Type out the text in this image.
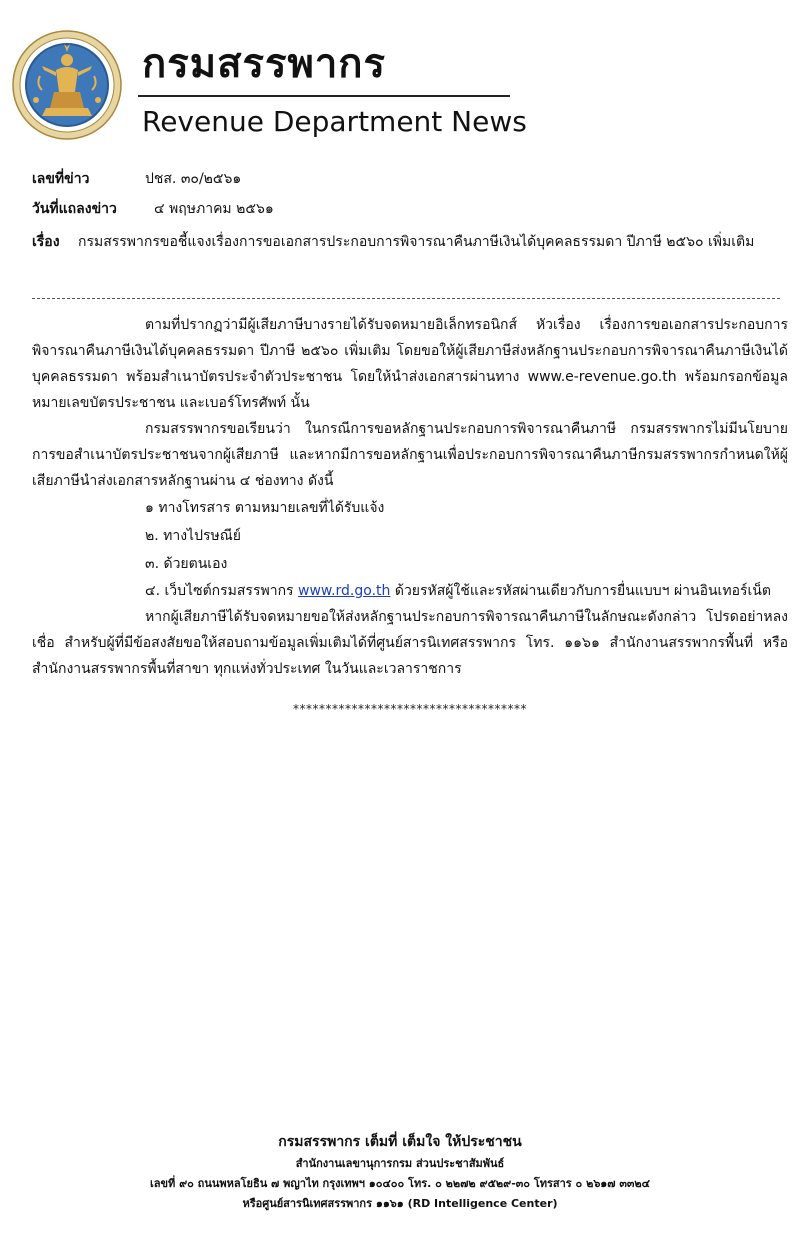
กรมสรรพากร
Revenue Department News
เลขที่ข่าว	ปชส. ๓๐/๒๕๖๑
วันที่แถลงข่าว	๔ พฤษภาคม ๒๕๖๑
เรื่อง	กรมสรรพากรขอชี้แจงเรื่องการขอเอกสารประกอบการพิจารณาคืนภาษีเงินได้บุคคลธรรมดา ปีภาษี ๒๕๖๐ เพิ่มเติม

ตามที่ปรากฏว่ามีผู้เสียภาษีบางรายได้รับจดหมายอิเล็กทรอนิกส์ หัวเรื่อง เรื่องการขอเอกสารประกอบการพิจารณาคืนภาษีเงินได้บุคคลธรรมดา ปีภาษี ๒๕๖๐ เพิ่มเติม โดยขอให้ผู้เสียภาษีส่งหลักฐานประกอบการพิจารณาคืนภาษีเงินได้บุคคลธรรมดา พร้อมสำเนาบัตรประจำตัวประชาชน โดยให้นำส่งเอกสารผ่านทาง www.e-revenue.go.th พร้อมกรอกข้อมูลหมายเลขบัตรประชาชน และเบอร์โทรศัพท์ นั้น

กรมสรรพากรขอเรียนว่า ในกรณีการขอหลักฐานประกอบการพิจารณาคืนภาษี กรมสรรพากรไม่มีนโยบายการขอสำเนาบัตรประชาชนจากผู้เสียภาษี และหากมีการขอหลักฐานเพื่อประกอบการพิจารณาคืนภาษีกรมสรรพากรกำหนดให้ผู้เสียภาษีนำส่งเอกสารหลักฐานผ่าน ๔ ช่องทาง ดังนี้

๑ ทางโทรสาร ตามหมายเลขที่ได้รับแจ้ง

๒. ทางไปรษณีย์

๓. ด้วยตนเอง

๔. เว็บไซต์กรมสรรพากร www.rd.go.th ด้วยรหัสผู้ใช้และรหัสผ่านเดียวกับการยื่นแบบฯ ผ่านอินเทอร์เน็ต

หากผู้เสียภาษีได้รับจดหมายขอให้ส่งหลักฐานประกอบการพิจารณาคืนภาษีในลักษณะดังกล่าว โปรดอย่าหลงเชื่อ สำหรับผู้ที่มีข้อสงสัยขอให้สอบถามข้อมูลเพิ่มเติมได้ที่ศูนย์สารนิเทศสรรพากร โทร. ๑๑๖๑ สำนักงานสรรพากรพื้นที่ หรือสำนักงานสรรพากรพื้นที่สาขา ทุกแห่งทั่วประเทศ ในวันและเวลาราชการ

************************************
กรมสรรพากร เต็มที่ เต็มใจ ให้ประชาชน
สำนักงานเลขานุการกรม ส่วนประชาสัมพันธ์
เลขที่ ๙๐ ถนนพหลโยธิน ๗ พญาไท กรุงเทพฯ ๑๐๔๐๐ โทร. ๐ ๒๒๗๒ ๙๕๒๙-๓๐ โทรสาร ๐ ๒๖๑๗ ๓๓๒๔
หรือศูนย์สารนิเทศสรรพากร ๑๑๖๑ (RD Intelligence Center)
